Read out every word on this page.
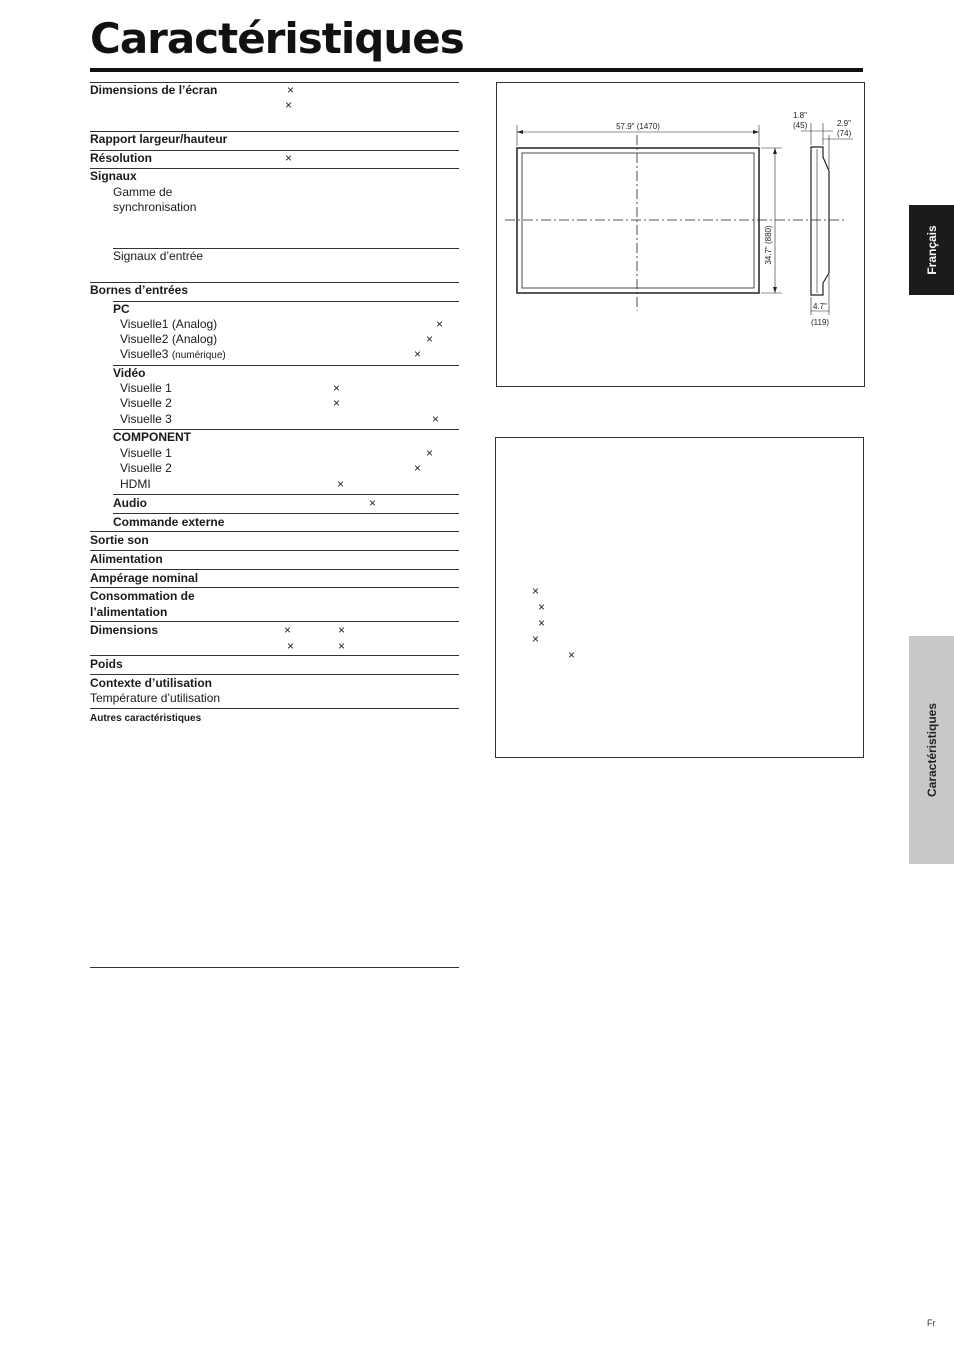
Caractéristiques
Dimensions de l’écran	×
×
Rapport largeur/hauteur
Résolution	×
Signaux
Gamme de
synchronisation
Signaux d’entrée
Bornes d’entrées
PC
Visuelle1 (Analog)	×
Visuelle2 (Analog)	×
Visuelle3 (numérique)	×
Vidéo
Visuelle 1	×
Visuelle 2	×
Visuelle 3	×
COMPONENT
Visuelle 1	×
Visuelle 2	×
HDMI	×
Audio	×
Commande externe
Sortie son
Alimentation
Ampérage nominal
Consommation de
l’alimentation
Dimensions	×	×
×	×
Poids
Contexte d’utilisation
Température d’utilisation
Autres caractéristiques
57.9" (1470)
34.7" (880)
1.8"
(45)	2.9"
(74)
4.7"
(119)
×
×
×
×
×
Français
Caractéristiques
Fr
